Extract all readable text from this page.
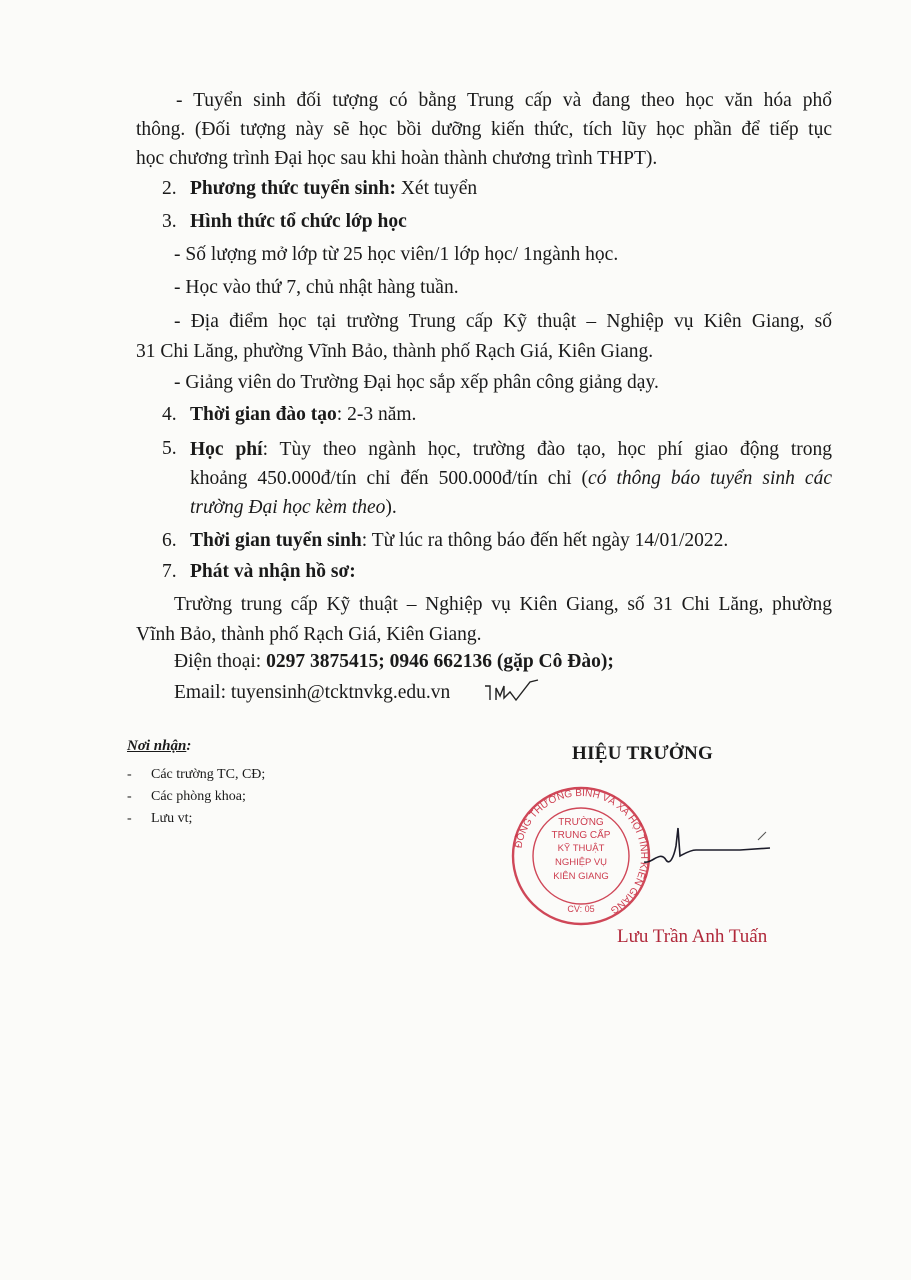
- Tuyển sinh đối tượng có bằng Trung cấp và đang theo học văn hóa phổ
thông. (Đối tượng này sẽ học bồi dưỡng kiến thức, tích lũy học phần để tiếp tục
học chương trình Đại học sau khi hoàn thành chương trình THPT).
2. Phương thức tuyển sinh: Xét tuyển
3. Hình thức tổ chức lớp học
- Số lượng mở lớp từ 25 học viên/1 lớp học/ 1ngành học.
- Học vào thứ 7, chủ nhật hàng tuần.
- Địa điểm học tại trường Trung cấp Kỹ thuật – Nghiệp vụ Kiên Giang, số
31 Chi Lăng, phường Vĩnh Bảo, thành phố Rạch Giá, Kiên Giang.
- Giảng viên do Trường Đại học sắp xếp phân công giảng dạy.
4. Thời gian đào tạo: 2-3 năm.
5. Học phí: Tùy theo ngành học, trường đào tạo, học phí giao động trong
khoảng 450.000đ/tín chỉ đến 500.000đ/tín chỉ (có thông báo tuyển sinh các
trường Đại học kèm theo).
6. Thời gian tuyển sinh: Từ lúc ra thông báo đến hết ngày 14/01/2022.
7. Phát và nhận hồ sơ:
Trường trung cấp Kỹ thuật – Nghiệp vụ Kiên Giang, số 31 Chi Lăng, phường
Vĩnh Bảo, thành phố Rạch Giá, Kiên Giang.
Điện thoại: 0297 3875415; 0946 662136 (gặp Cô Đào);
Email: tuyensinh@tcktnvkg.edu.vn
Nơi nhận:
- Các trường TC, CĐ;
- Các phòng khoa;
- Lưu vt;
HIỆU TRƯỞNG
ĐỒNG THƯỜNG BINH VÀ XÃ HỘI TỈNH KIÊN GIANG
TRƯỜNG
TRUNG CẤP
KỸ THUẬT
NGHIỆP VỤ
KIÊN GIANG
CV: 05
Lưu Trần Anh Tuấn
